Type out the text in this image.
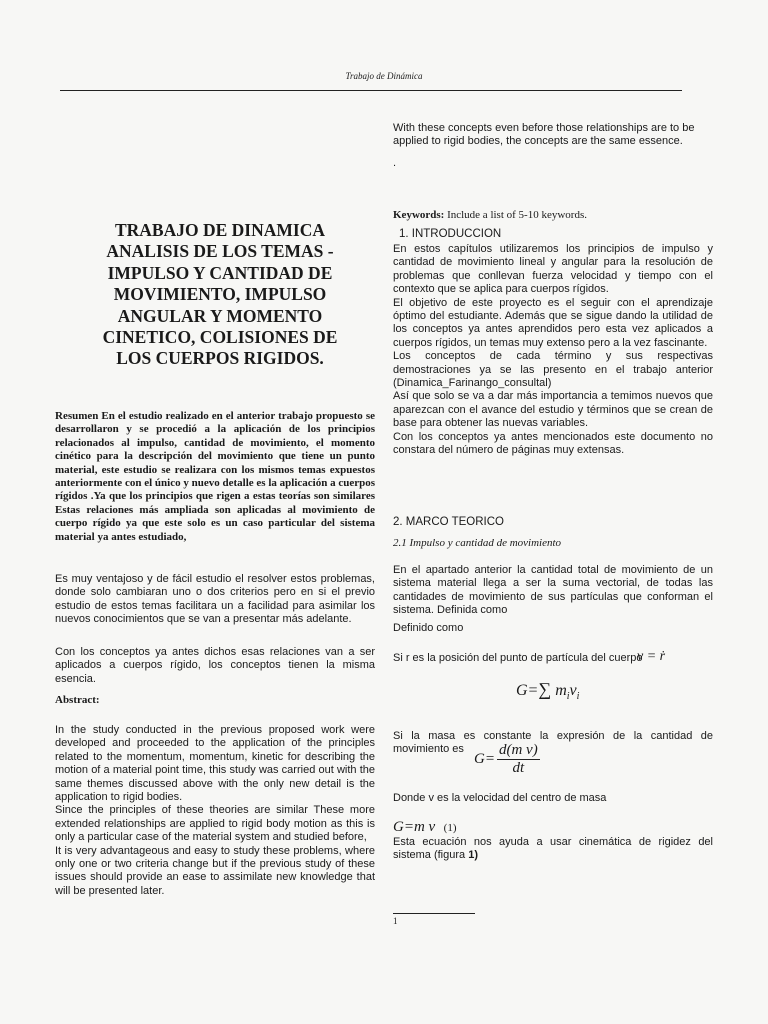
Trabajo de Dinámica
TRABAJO DE DINAMICA
ANALISIS DE LOS TEMAS -
IMPULSO Y CANTIDAD DE
MOVIMIENTO, IMPULSO
ANGULAR Y MOMENTO
CINETICO, COLISIONES DE
LOS CUERPOS RIGIDOS.
Resumen En el estudio realizado en el anterior trabajo propuesto se desarrollaron y se procedió a la aplicación de los principios relacionados al impulso, cantidad de movimiento, el momento cinético para la descripción del movimiento que tiene un punto material, este estudio se realizara con los mismos temas expuestos anteriormente con el único y nuevo detalle es la aplicación a cuerpos rígidos .Ya que los principios que rigen a estas teorías son similares Estas relaciones más ampliada son aplicadas al movimiento de cuerpo rígido ya que este solo es un caso particular del sistema material ya antes estudiado,

Es muy ventajoso y de fácil estudio el resolver estos problemas, donde solo cambiaran uno o dos criterios pero en si el previo estudio de estos temas facilitara un a facilidad para asimilar los nuevos conocimientos que se van a presentar más adelante.

Con los conceptos ya antes dichos esas relaciones van a ser aplicados a cuerpos rígido, los conceptos tienen la misma esencia.

Abstract:

In the study conducted in the previous proposed work were developed and proceeded to the application of the principles related to the momentum, momentum, kinetic for describing the motion of a material point time, this study was carried out with the same themes discussed above with the only new detail is the application to rigid bodies.

Since the principles of these theories are similar These more extended relationships are applied to rigid body motion as this is only a particular case of the material system and studied before,

It is very advantageous and easy to study these problems, where only one or two criteria change but if the previous study of these issues should provide an ease to assimilate new knowledge that will be presented later.

With these concepts even before those relationships are to be applied to rigid bodies, the concepts are the same essence.

.

Keywords: Include a list of 5-10 keywords.

1. INTRODUCCION

En estos capítulos utilizaremos los principios de impulso y cantidad de movimiento lineal y angular para la resolución de problemas que conllevan fuerza velocidad y tiempo con el contexto que se aplica para cuerpos rígidos.

El objetivo de este proyecto es el seguir con el aprendizaje óptimo del estudiante. Además que se sigue dando la utilidad de los conceptos ya antes aprendidos pero esta vez aplicados a cuerpos rígidos, un temas muy extenso pero a la vez fascinante.

Los conceptos de cada término y sus respectivas demostraciones ya se las presento en el trabajo anterior (Dinamica_Farinango_consultal)

Así que solo se va a dar más importancia a temimos nuevos que aparezcan con el avance del estudio y términos que se crean de base para obtener las nuevas variables.

Con los conceptos ya antes mencionados este documento no constara del número de páginas muy extensas.

2. MARCO TEORICO

2.1 Impulso y cantidad de movimiento

En el apartado anterior la cantidad total de movimiento de un sistema material llega a ser la suma vectorial, de todas las cantidades de movimiento de sus partículas que conforman el sistema. Definida como

Definido como

Si r es la posición del punto de partícula del cuerpo

v = ṙ
G=∑ $m_iv_i$

Si la masa es constante la expresión de la cantidad de movimiento es

$G= \frac{\text{d(m v)}}{dt}$

Donde v es la velocidad del centro de masa

G=m v (1)

Esta ecuación nos ayuda a usar cinemática de rigidez del sistema (figura 1)

1
